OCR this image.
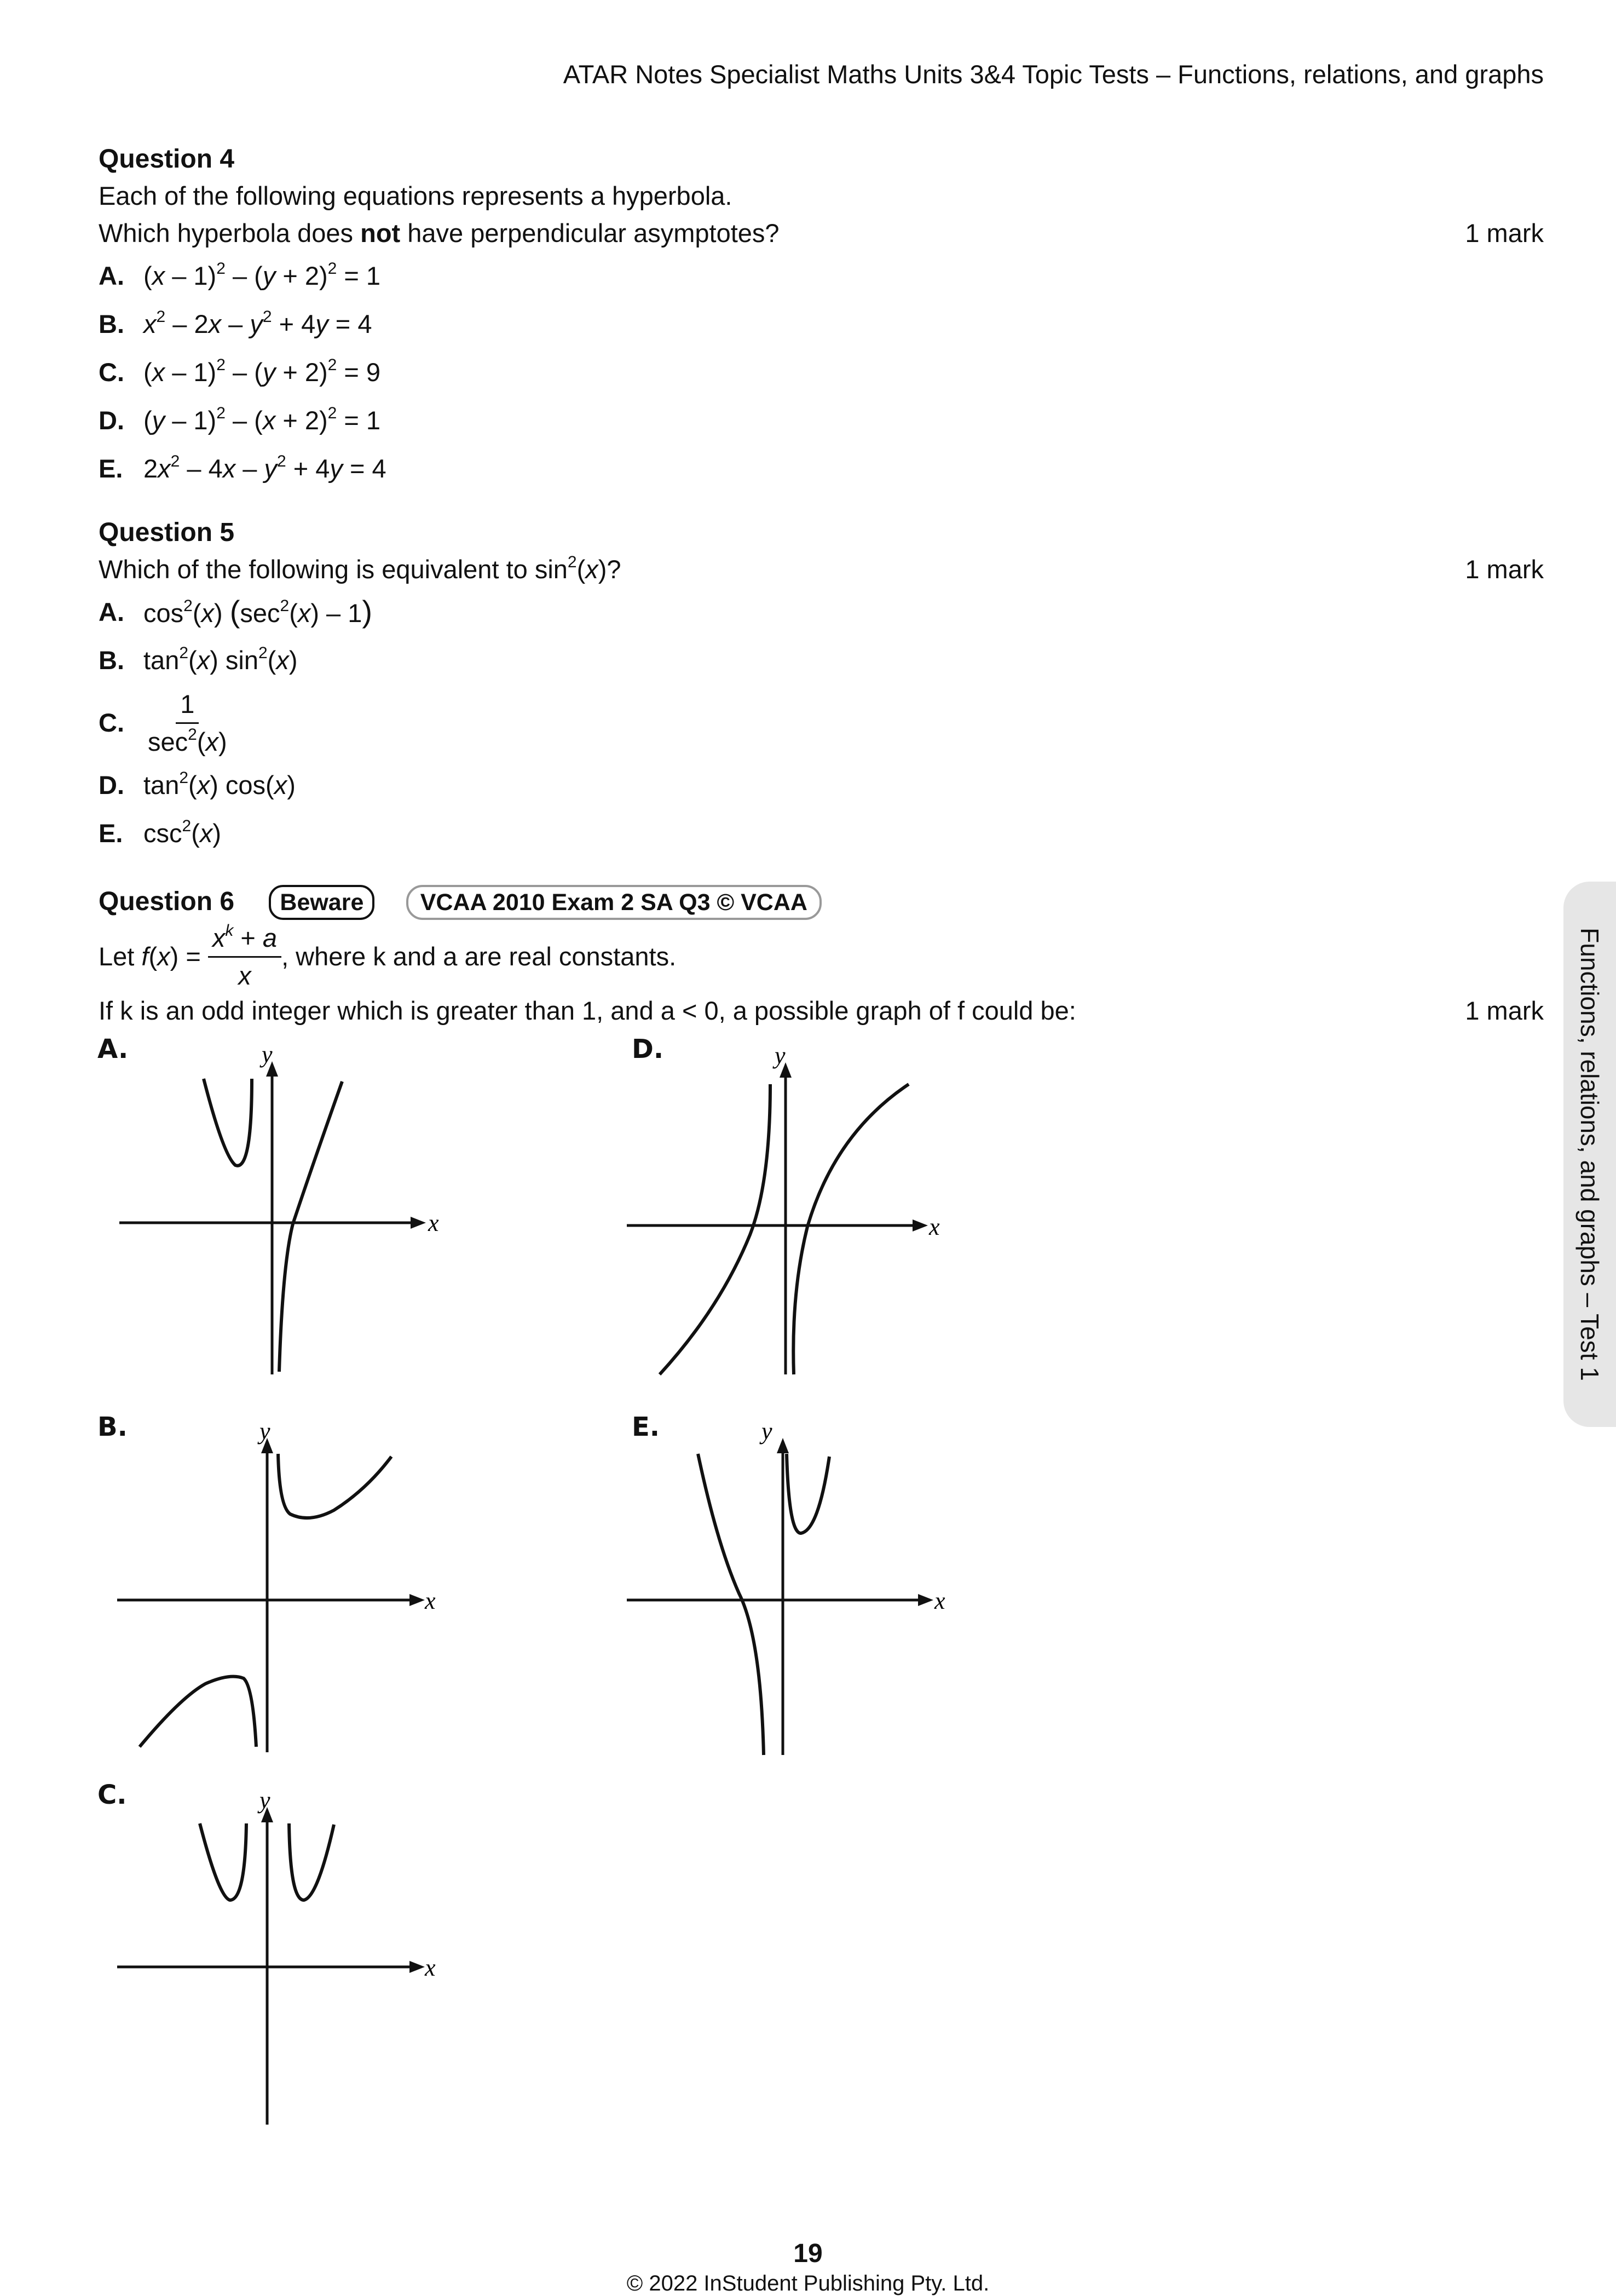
ATAR Notes Specialist Maths Units 3&4 Topic Tests – Functions, relations, and graphs
Question 4
Each of the following equations represents a hyperbola.
Which hyperbola does not have perpendicular asymptotes?	1 mark
A. $(x - 1)^2 - (y + 2)^2 = 1$
B. $x^2 - 2x - y^2 + 4y = 4$
C. $(x - 1)^2 - (y + 2)^2 = 9$
D. $(y - 1)^2 - (x + 2)^2 = 1$
E. $2x^2 - 4x - y^2 + 4y = 4$
Question 5
Which of the following is equivalent to $\sin^2(x)$?	1 mark
A. $\cos^2(x)$ $(\sec^2(x) - 1)$
B. $\tan^2(x)$ $\sin^2(x)$
C. $\frac{1}{\sec^2(x)}$
D. $\tan^2(x)$ cos(x)
E. $\csc^2(x)$
Question 6 Beware VCAA 2010 Exam 2 SA Q3 © VCAA
Let
f ( x ) = $\frac{x^k + a}{x}$ , where k and a are real constants.
If k is an odd integer which is greater than 1, and a < 0, a possible graph of f could be:	1 mark
A.
B.
C.
D.
E.
x
y
x
y
x
y
x
y
x
y
Functions, relations, and graphs – Test 1
19
© 2022 InStudent Publishing Pty. Ltd.
